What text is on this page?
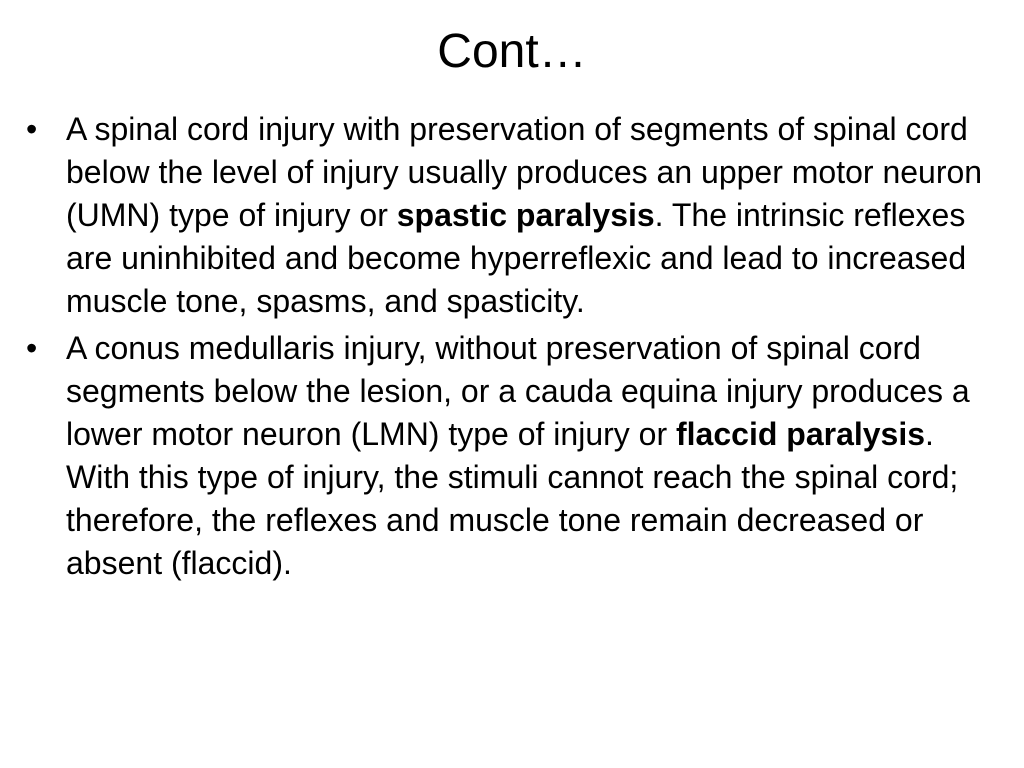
Cont…
• A spinal cord injury with preservation of segments of spinal cord below the level of injury usually produces an upper motor neuron (UMN) type of injury or spastic paralysis. The intrinsic reflexes are uninhibited and become hyperreflexic and lead to increased muscle tone, spasms, and spasticity.
• A conus medullaris injury, without preservation of spinal cord segments below the lesion, or a cauda equina injury produces a lower motor neuron (LMN) type of injury or flaccid paralysis. With this type of injury, the stimuli cannot reach the spinal cord; therefore, the reflexes and muscle tone remain decreased or absent (flaccid).
